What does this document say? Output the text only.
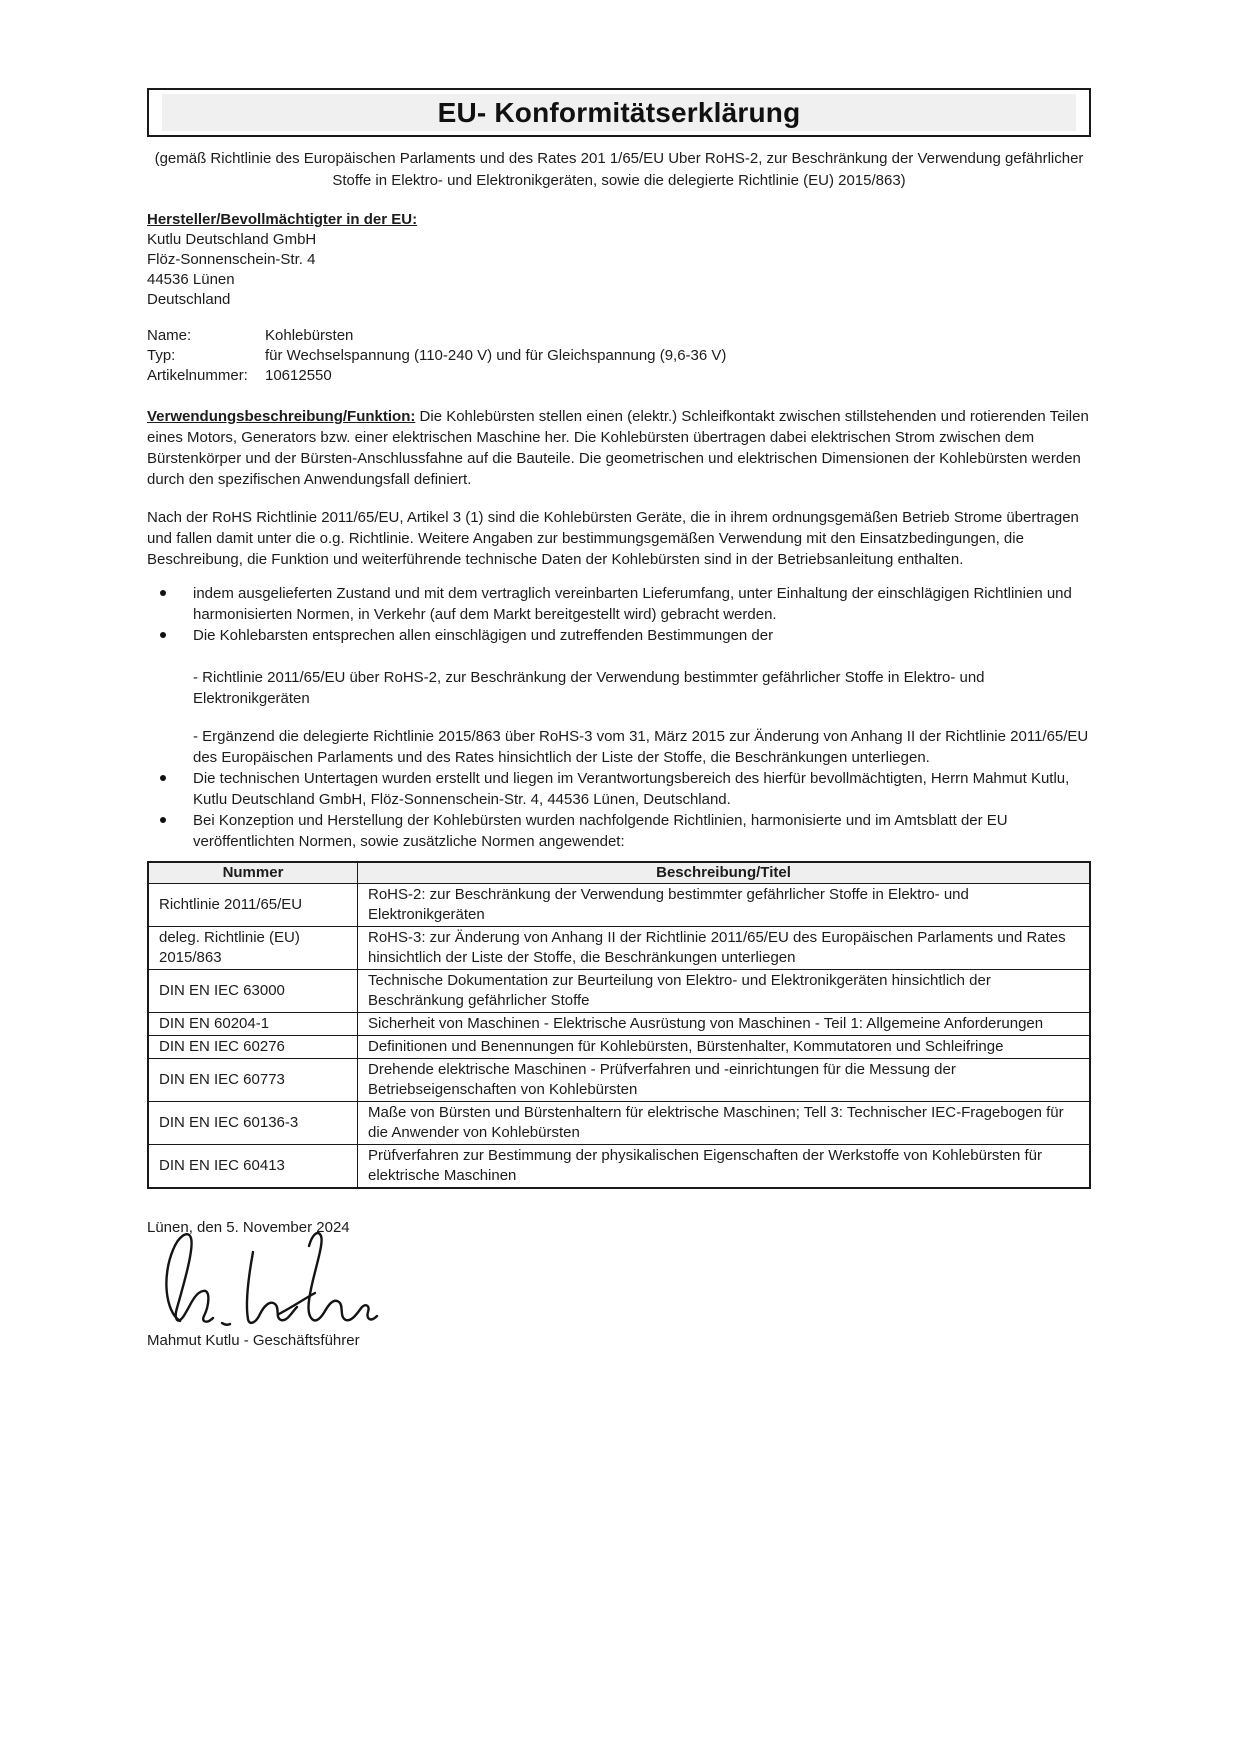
EU- Konformitätserklärung
(gemäß Richtlinie des Europäischen Parlaments und des Rates 201 1/65/EU Uber RoHS-2, zur Beschränkung der Verwendung gefährlicher Stoffe in Elektro- und Elektronikgeräten, sowie die delegierte Richtlinie (EU) 2015/863)
Hersteller/Bevollmächtigter in der EU:
Kutlu Deutschland GmbH
Flöz-Sonnenschein-Str. 4
44536 Lünen
Deutschland
Name:	Kohlebürsten
Typ:	für Wechselspannung (110-240 V) und für Gleichspannung (9,6-36 V)
Artikelnummer:	10612550
Verwendungsbeschreibung/Funktion: Die Kohlebürsten stellen einen (elektr.) Schleifkontakt zwischen stillstehenden und rotierenden Teilen eines Motors, Generators bzw. einer elektrischen Maschine her. Die Kohlebürsten übertragen dabei elektrischen Strom zwischen dem Bürstenkörper und der Bürsten-Anschlussfahne auf die Bauteile. Die geometrischen und elektrischen Dimensionen der Kohlebürsten werden durch den spezifischen Anwendungsfall definiert.
Nach der RoHS Richtlinie 2011/65/EU, Artikel 3 (1) sind die Kohlebürsten Geräte, die in ihrem ordnungsgemäßen Betrieb Strome übertragen und fallen damit unter die o.g. Richtlinie. Weitere Angaben zur bestimmungsgemäßen Verwendung mit den Einsatzbedingungen, die Beschreibung, die Funktion und weiterführende technische Daten der Kohlebürsten sind in der Betriebsanleitung enthalten.
indem ausgelieferten Zustand und mit dem vertraglich vereinbarten Lieferumfang, unter Einhaltung der einschlägigen Richtlinien und harmonisierten Normen, in Verkehr (auf dem Markt bereitgestellt wird) gebracht werden.
Die Kohlebarsten entsprechen allen einschlägigen und zutreffenden Bestimmungen der
- Richtlinie 2011/65/EU über RoHS-2, zur Beschränkung der Verwendung bestimmter gefährlicher Stoffe in Elektro- und Elektronikgeräten
- Ergänzend die delegierte Richtlinie 2015/863 über RoHS-3 vom 31, März 2015 zur Änderung von Anhang II der Richtlinie 2011/65/EU des Europäischen Parlaments und des Rates hinsichtlich der Liste der Stoffe, die Beschränkungen unterliegen.
Die technischen Untertagen wurden erstellt und liegen im Verantwortungsbereich des hierfür bevollmächtigten, Herrn Mahmut Kutlu, Kutlu Deutschland GmbH, Flöz-Sonnenschein-Str. 4, 44536 Lünen, Deutschland.
Bei Konzeption und Herstellung der Kohlebürsten wurden nachfolgende Richtlinien, harmonisierte und im Amtsblatt der EU veröffentlichten Normen, sowie zusätzliche Normen angewendet:
Nummer	Beschreibung/Titel
Richtlinie 2011/65/EU	RoHS-2: zur Beschränkung der Verwendung bestimmter gefährlicher Stoffe in Elektro- und Elektronikgeräten
deleg. Richtlinie (EU) 2015/863	RoHS-3: zur Änderung von Anhang II der Richtlinie 2011/65/EU des Europäischen Parlaments und Rates hinsichtlich der Liste der Stoffe, die Beschränkungen unterliegen
DIN EN IEC 63000	Technische Dokumentation zur Beurteilung von Elektro- und Elektronikgeräten hinsichtlich der Beschränkung gefährlicher Stoffe
DIN EN 60204-1	Sicherheit von Maschinen - Elektrische Ausrüstung von Maschinen - Teil 1: Allgemeine Anforderungen
DIN EN IEC 60276	Definitionen und Benennungen für Kohlebürsten, Bürstenhalter, Kommutatoren und Schleifringe
DIN EN IEC 60773	Drehende elektrische Maschinen - Prüfverfahren und -einrichtungen für die Messung der Betriebseigenschaften von Kohlebürsten
DIN EN IEC 60136-3	Maße von Bürsten und Bürstenhaltern für elektrische Maschinen; Tell 3: Technischer IEC-Fragebogen für die Anwender von Kohlebürsten
DIN EN IEC 60413	Prüfverfahren zur Bestimmung der physikalischen Eigenschaften der Werkstoffe von Kohlebürsten für elektrische Maschinen
Lünen, den 5. November 2024
Mahmut Kutlu - Geschäftsführer
